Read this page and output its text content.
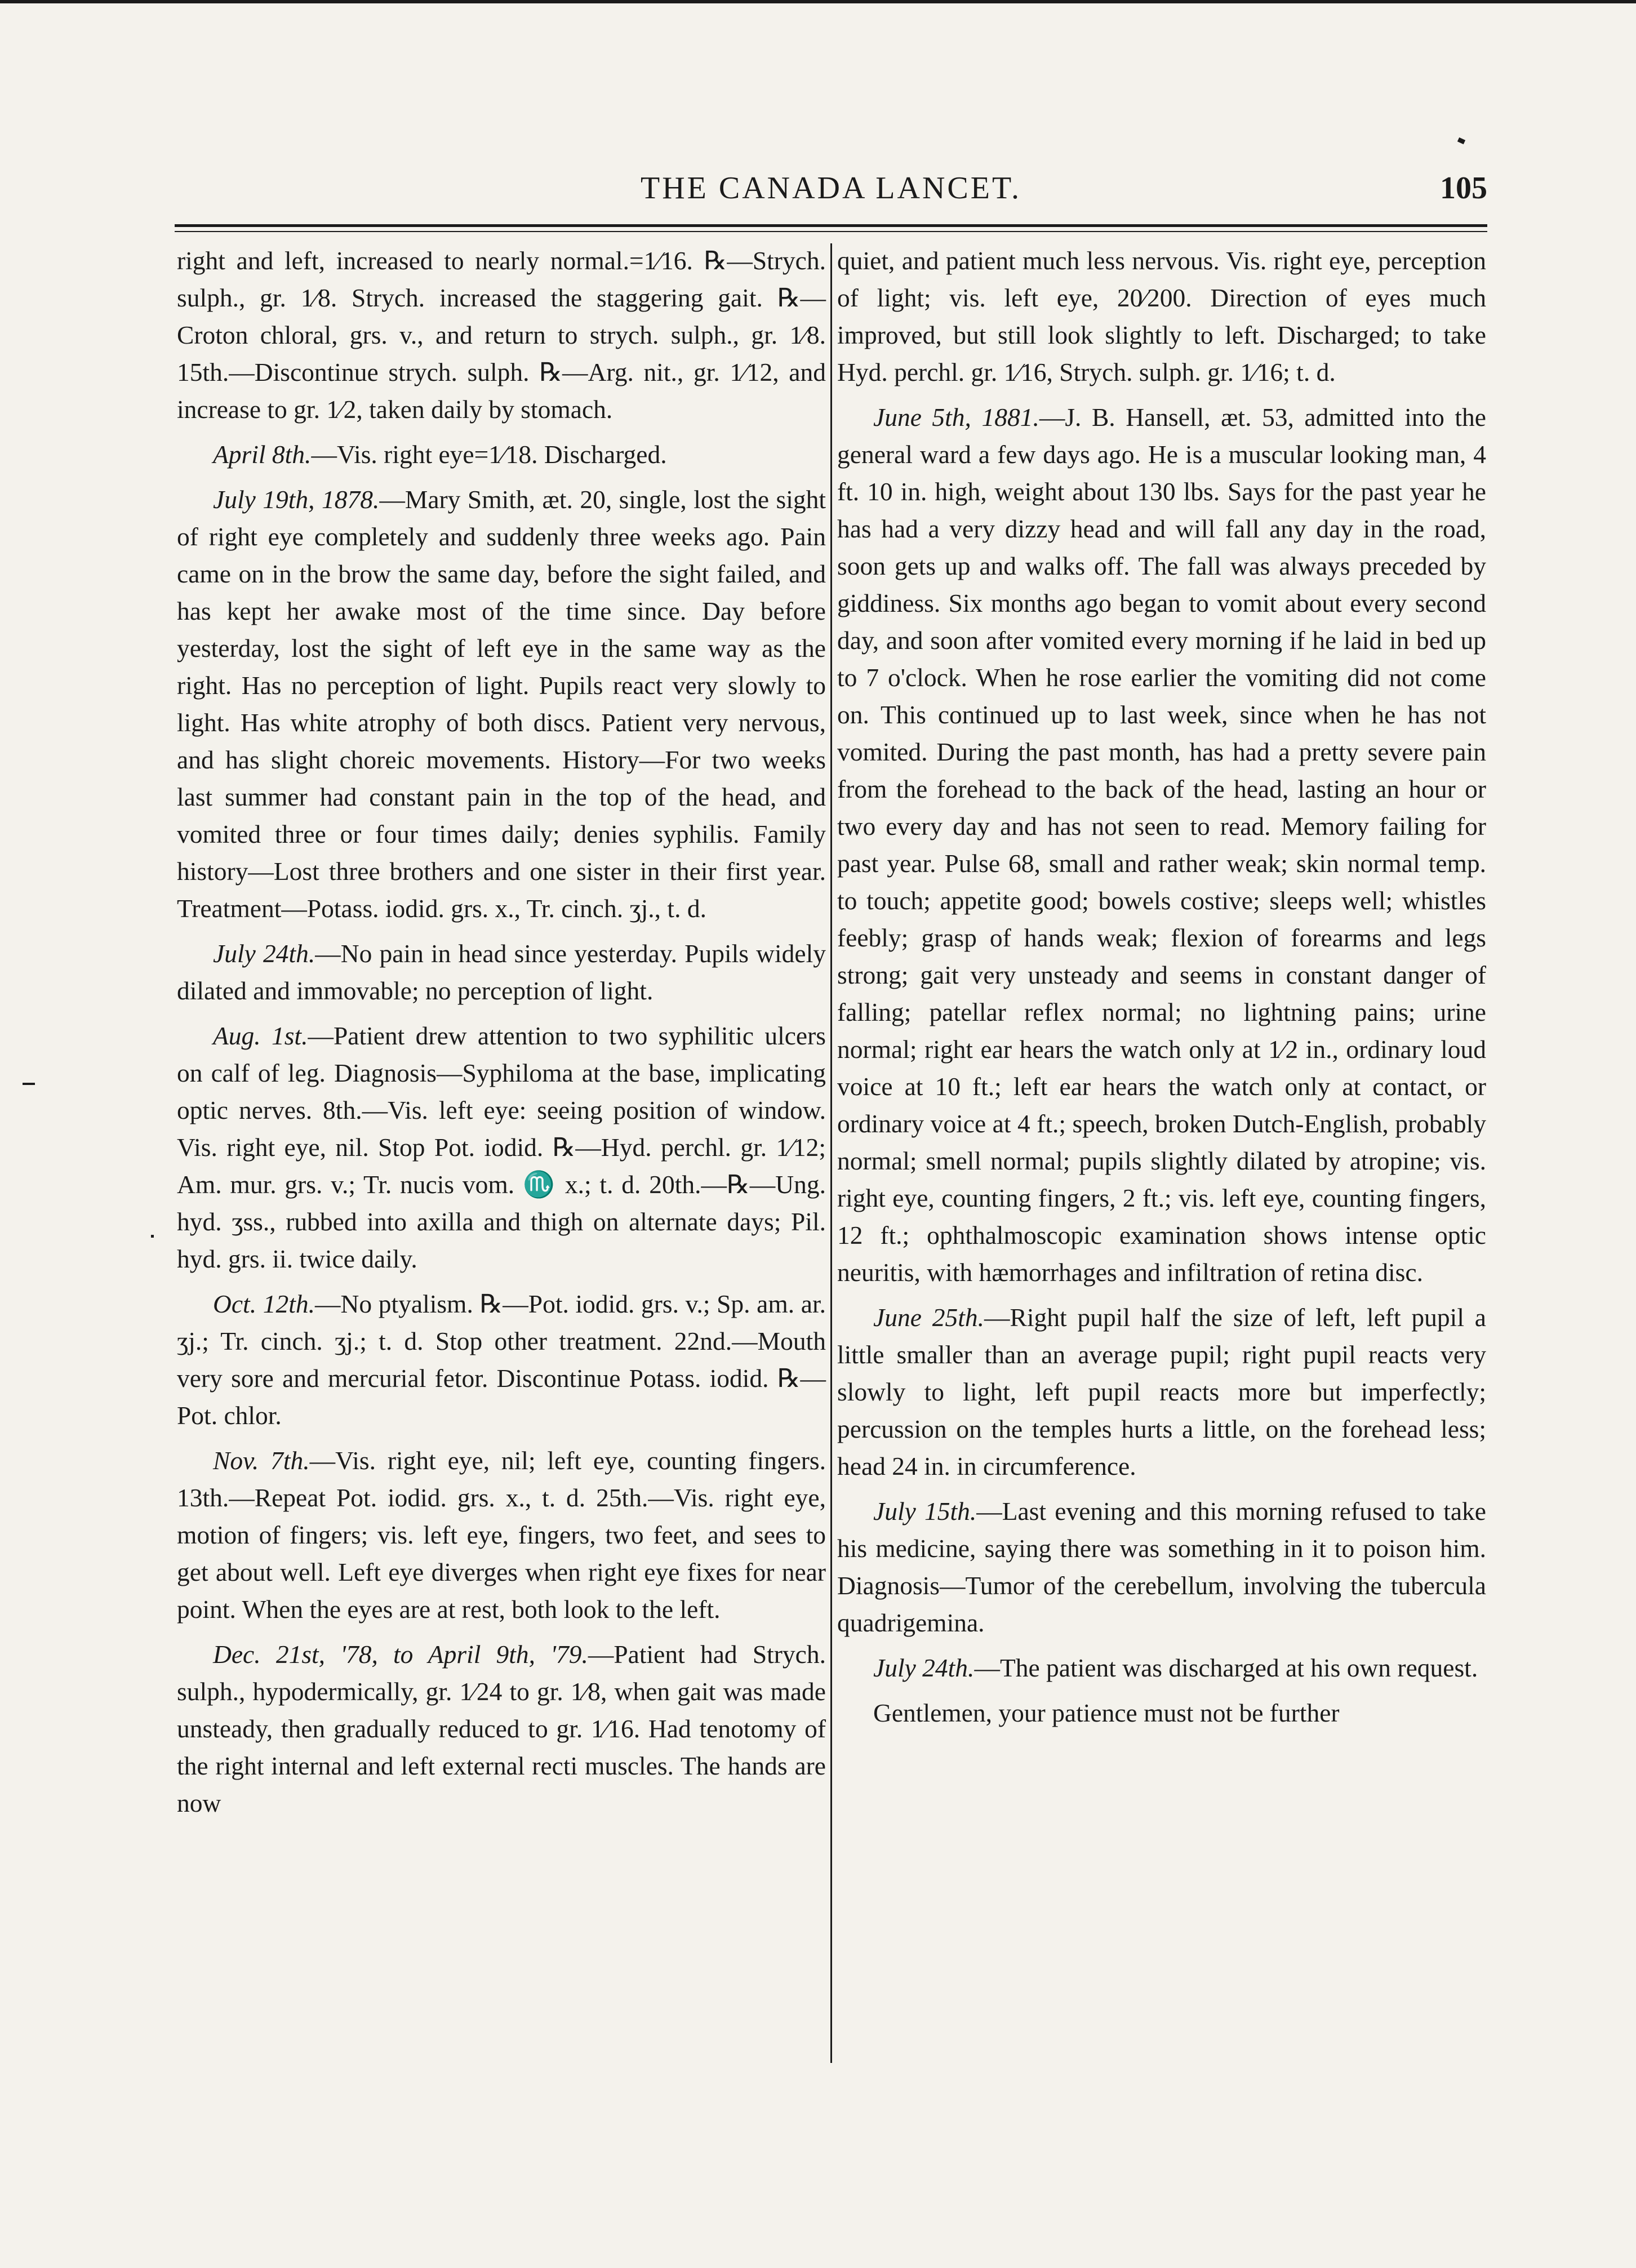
THE CANADA LANCET.	105

right and left, increased to nearly normal.=1⁄16. ℞—Strych. sulph., gr. 1⁄8. Strych. increased the staggering gait. ℞—Croton chloral, grs. v., and return to strych. sulph., gr. 1⁄8. 15th.—Discontinue strych. sulph. ℞—Arg. nit., gr. 1⁄12, and increase to gr. 1⁄2, taken daily by stomach.

April 8th.—Vis. right eye=1⁄18. Discharged.

July 19th, 1878.—Mary Smith, æt. 20, single, lost the sight of right eye completely and suddenly three weeks ago. Pain came on in the brow the same day, before the sight failed, and has kept her awake most of the time since. Day before yesterday, lost the sight of left eye in the same way as the right. Has no perception of light. Pupils react very slowly to light. Has white atrophy of both discs. Patient very nervous, and has slight choreic movements. History—For two weeks last summer had constant pain in the top of the head, and vomited three or four times daily; denies syphilis. Family history—Lost three brothers and one sister in their first year. Treatment—Potass. iodid. grs. x., Tr. cinch. ʒj., t. d.

July 24th.—No pain in head since yesterday. Pupils widely dilated and immovable; no perception of light.

Aug. 1st.—Patient drew attention to two syphilitic ulcers on calf of leg. Diagnosis—Syphiloma at the base, implicating optic nerves. 8th.—Vis. left eye: seeing position of window. Vis. right eye, nil. Stop Pot. iodid. ℞—Hyd. perchl. gr. 1⁄12; Am. mur. grs. v.; Tr. nucis vom. ♏ x.; t. d. 20th.—℞—Ung. hyd. ʒss., rubbed into axilla and thigh on alternate days; Pil. hyd. grs. ii. twice daily.

Oct. 12th.—No ptyalism. ℞—Pot. iodid. grs. v.; Sp. am. ar. ʒj.; Tr. cinch. ʒj.; t. d. Stop other treatment. 22nd.—Mouth very sore and mercurial fetor. Discontinue Potass. iodid. ℞—Pot. chlor.

Nov. 7th.—Vis. right eye, nil; left eye, counting fingers. 13th.—Repeat Pot. iodid. grs. x., t. d. 25th.—Vis. right eye, motion of fingers; vis. left eye, fingers, two feet, and sees to get about well. Left eye diverges when right eye fixes for near point. When the eyes are at rest, both look to the left.

Dec. 21st, '78, to April 9th, '79.—Patient had Strych. sulph., hypodermically, gr. 1⁄24 to gr. 1⁄8, when gait was made unsteady, then gradually reduced to gr. 1⁄16. Had tenotomy of the right internal and left external recti muscles. The hands are now

quiet, and patient much less nervous. Vis. right eye, perception of light; vis. left eye, 20⁄200. Direction of eyes much improved, but still look slightly to left. Discharged; to take Hyd. perchl. gr. 1⁄16, Strych. sulph. gr. 1⁄16; t. d.

June 5th, 1881.—J. B. Hansell, æt. 53, admitted into the general ward a few days ago. He is a muscular looking man, 4 ft. 10 in. high, weight about 130 lbs. Says for the past year he has had a very dizzy head and will fall any day in the road, soon gets up and walks off. The fall was always preceded by giddiness. Six months ago began to vomit about every second day, and soon after vomited every morning if he laid in bed up to 7 o'clock. When he rose earlier the vomiting did not come on. This continued up to last week, since when he has not vomited. During the past month, has had a pretty severe pain from the forehead to the back of the head, lasting an hour or two every day and has not seen to read. Memory failing for past year. Pulse 68, small and rather weak; skin normal temp. to touch; appetite good; bowels costive; sleeps well; whistles feebly; grasp of hands weak; flexion of forearms and legs strong; gait very unsteady and seems in constant danger of falling; patellar reflex normal; no lightning pains; urine normal; right ear hears the watch only at 1⁄2 in., ordinary loud voice at 10 ft.; left ear hears the watch only at contact, or ordinary voice at 4 ft.; speech, broken Dutch-English, probably normal; smell normal; pupils slightly dilated by atropine; vis. right eye, counting fingers, 2 ft.; vis. left eye, counting fingers, 12 ft.; ophthalmoscopic examination shows intense optic neuritis, with hæmorrhages and infiltration of retina disc.

June 25th.—Right pupil half the size of left, left pupil a little smaller than an average pupil; right pupil reacts very slowly to light, left pupil reacts more but imperfectly; percussion on the temples hurts a little, on the forehead less; head 24 in. in circumference.

July 15th.—Last evening and this morning refused to take his medicine, saying there was something in it to poison him. Diagnosis—Tumor of the cerebellum, involving the tubercula quadrigemina.

July 24th.—The patient was discharged at his own request.

Gentlemen, your patience must not be further
